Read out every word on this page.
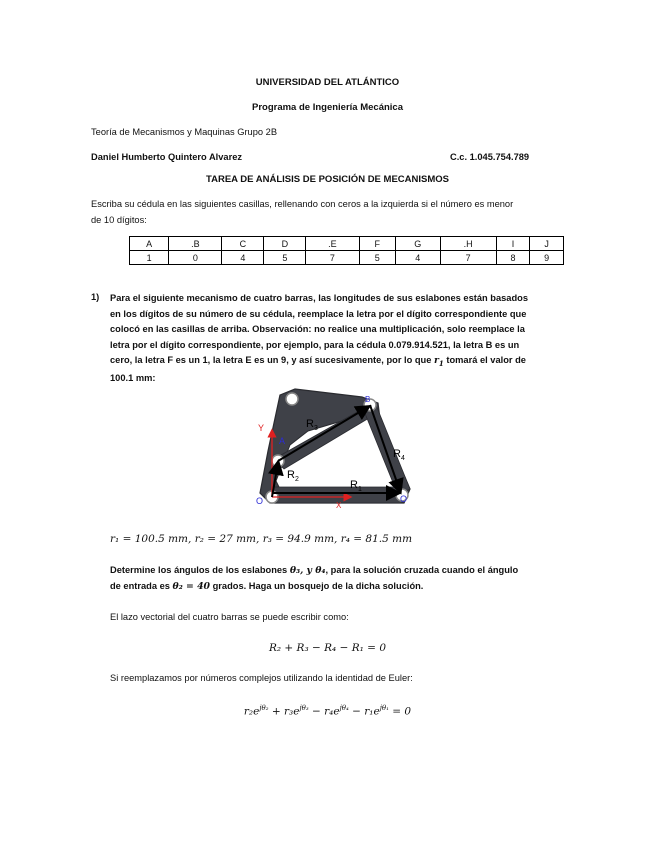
UNIVERSIDAD DEL ATLÁNTICO
Programa de Ingeniería Mecánica
Teoría de Mecanismos y Maquinas Grupo 2B
Daniel Humberto Quintero Alvarez	C.c. 1.045.754.789
TAREA DE ANÁLISIS DE POSICIÓN DE MECANISMOS
Escriba su cédula en las siguientes casillas, rellenando con ceros a la izquierda si el número es menor
de 10 dígitos:
A	.B	C	D	.E	F	G	.H	I	J
1	0	4	5	7	5	4	7	8	9
1) Para el siguiente mecanismo de cuatro barras, las longitudes de sus eslabones están basados
en los dígitos de su número de su cédula, reemplace la letra por el dígito correspondiente que
colocó en las casillas de arriba. Observación: no realice una multiplicación, solo reemplace la
letra por el dígito correspondiente, por ejemplo, para la cédula 0.079.914.521, la letra B es un
cero, la letra F es un 1, la letra E es un 9, y así sucesivamente, por lo que $r_1$ tomará el valor de
100.1 mm:
$R_3$
$R_2$
$R_4$
$R_1$
A
B
Y
X
O	O
r₁ = 100.5 mm, r₂ = 27 mm, r₃ = 94.9 mm, r₄ = 81.5 mm
Determine los ángulos de los eslabones θ₃, y θ₄, para la solución cruzada cuando el ángulo
de entrada es θ₂ = 40 grados. Haga un bosquejo de la dicha solución.
El lazo vectorial del cuatro barras se puede escribir como:
R₂ + R₃ − R₄ − R₁ = 0
Si reemplazamos por números complejos utilizando la identidad de Euler:
$r_2e^{j\theta_2} + r_3e^{j\theta_3} - r_4e^{j\theta_4} - r_1e^{j\theta_1} = 0$
